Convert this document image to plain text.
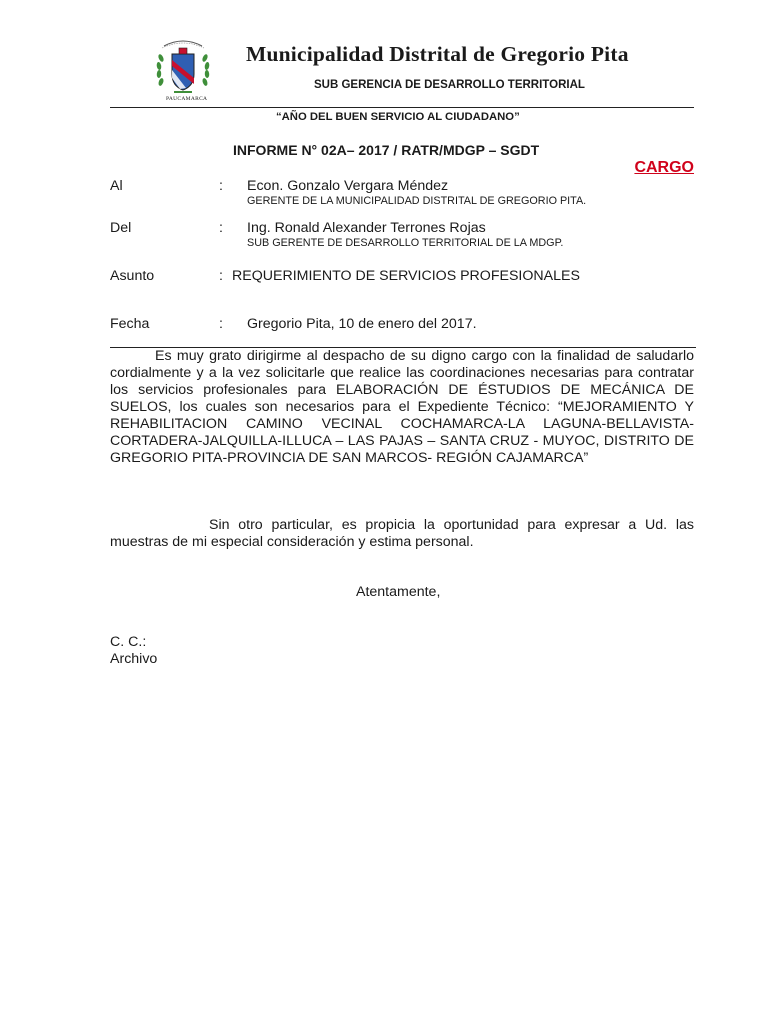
PAUCAMARCA
Municipalidad Distrital de Gregorio Pita
SUB GERENCIA DE DESARROLLO TERRITORIAL
“AÑO DEL BUEN SERVICIO AL CIUDADANO”
INFORME N° 02A– 2017 / RATR/MDGP – SGDT
CARGO
Al	: Econ. Gonzalo Vergara Méndez
GERENTE DE LA MUNICIPALIDAD DISTRITAL DE GREGORIO PITA.
Del	: Ing. Ronald Alexander Terrones Rojas
SUB GERENTE DE DESARROLLO TERRITORIAL DE LA MDGP.
Asunto	: REQUERIMIENTO DE SERVICIOS PROFESIONALES
Fecha	: Gregorio Pita, 10 de enero del 2017.

Es muy grato dirigirme al despacho de su digno cargo con la finalidad de saludarlo cordialmente y a la vez solicitarle que realice las coordinaciones necesarias para contratar los servicios profesionales para ELABORACIÓN DE ÉSTUDIOS DE MECÁNICA DE SUELOS, los cuales son necesarios para el Expediente Técnico: “MEJORAMIENTO Y REHABILITACION CAMINO VECINAL COCHAMARCA-LA LAGUNA-BELLAVISTA-CORTADERA-JALQUILLA-ILLUCA – LAS PAJAS – SANTA CRUZ - MUYOC, DISTRITO DE GREGORIO PITA-PROVINCIA DE SAN MARCOS- REGIÓN CAJAMARCA”

Sin otro particular, es propicia la oportunidad para expresar a Ud. las muestras de mi especial consideración y estima personal.

Atentamente,
C. C.:
Archivo
